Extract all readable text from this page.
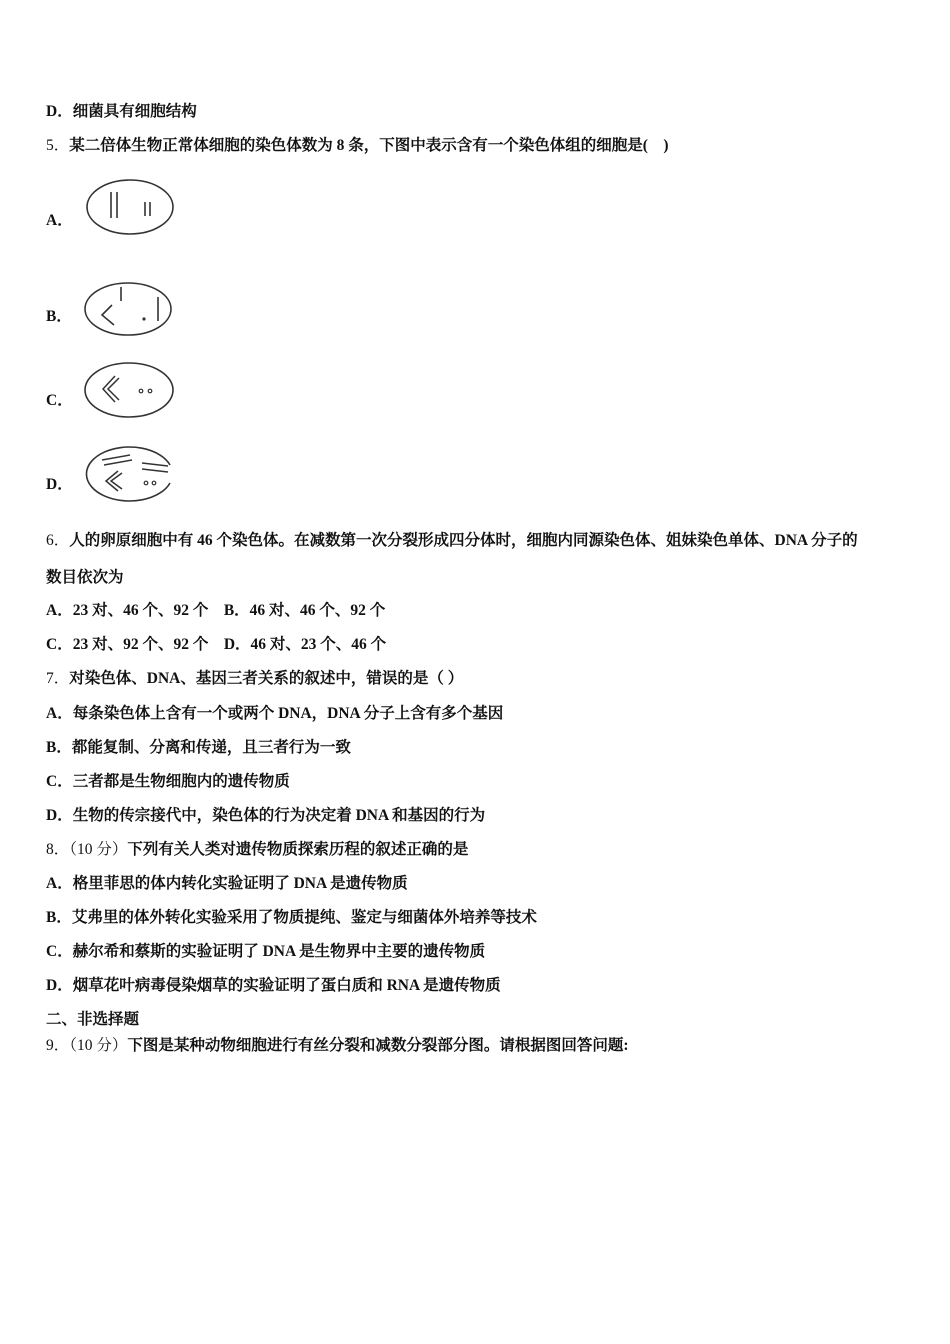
D．细菌具有细胞结构
5．某二倍体生物正常体细胞的染色体数为 8 条，下图中表示含有一个染色体组的细胞是(　)
A．
B．
C．
D．
6．人的卵原细胞中有 46 个染色体。在减数第一次分裂形成四分体时，细胞内同源染色体、姐妹染色单体、DNA 分子的
数目依次为
A．23 对、46 个、92 个　B．46 对、46 个、92 个
C．23 对、92 个、92 个　D．46 对、23 个、46 个
7．对染色体、DNA、基因三者关系的叙述中，错误的是（ ）
A．每条染色体上含有一个或两个 DNA，DNA 分子上含有多个基因
B．都能复制、分离和传递，且三者行为一致
C．三者都是生物细胞内的遗传物质
D．生物的传宗接代中，染色体的行为决定着 DNA 和基因的行为
8．（10 分）下列有关人类对遗传物质探索历程的叙述正确的是
A．格里菲思的体内转化实验证明了 DNA 是遗传物质
B．艾弗里的体外转化实验采用了物质提纯、鉴定与细菌体外培养等技术
C．赫尔希和蔡斯的实验证明了 DNA 是生物界中主要的遗传物质
D．烟草花叶病毒侵染烟草的实验证明了蛋白质和 RNA 是遗传物质
二、非选择题
9．（10 分）下图是某种动物细胞进行有丝分裂和减数分裂部分图。请根据图回答问题:
